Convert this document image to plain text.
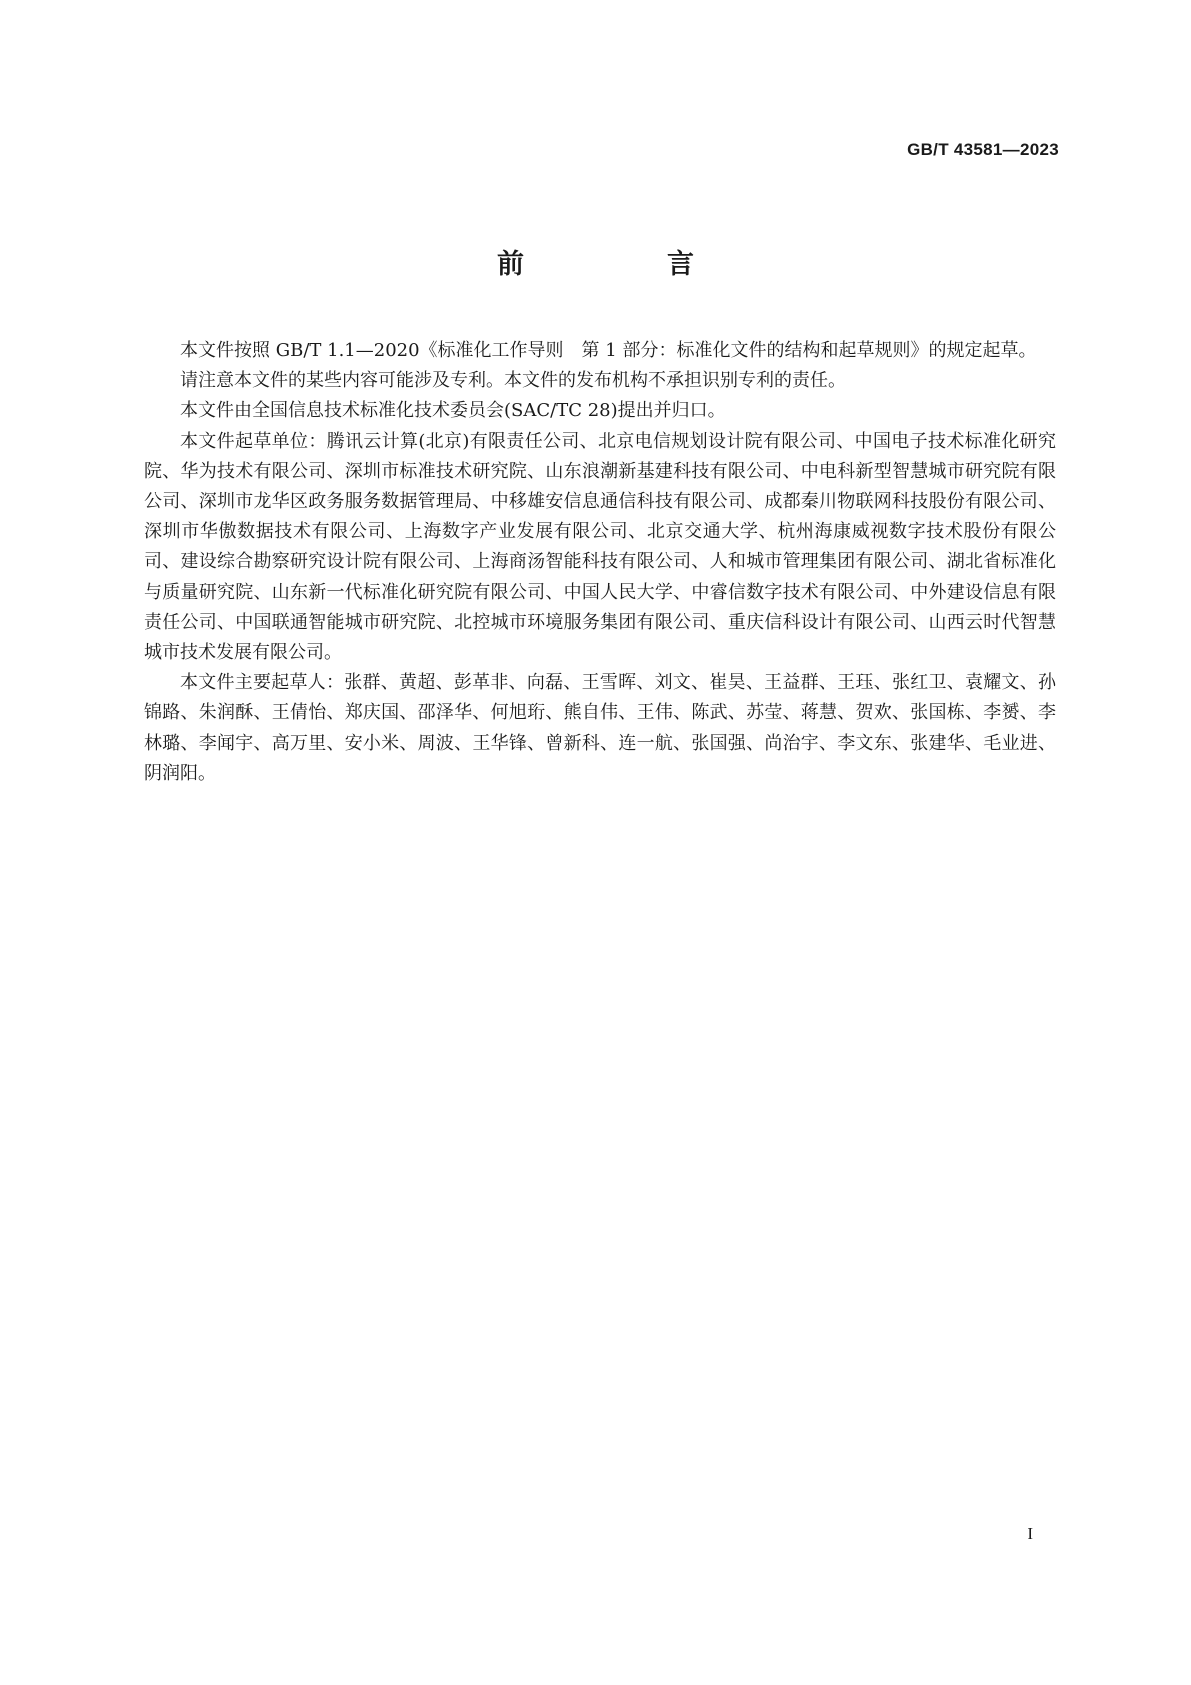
GB/T 43581—2023
前　言

本文件按照 GB/T 1.1—2020《标准化工作导则　第 1 部分：标准化文件的结构和起草规则》的规定起草。

请注意本文件的某些内容可能涉及专利。本文件的发布机构不承担识别专利的责任。

本文件由全国信息技术标准化技术委员会(SAC/TC 28)提出并归口。

本文件起草单位：腾讯云计算(北京)有限责任公司、北京电信规划设计院有限公司、中国电子技术标准化研究院、华为技术有限公司、深圳市标准技术研究院、山东浪潮新基建科技有限公司、中电科新型智慧城市研究院有限公司、深圳市龙华区政务服务数据管理局、中移雄安信息通信科技有限公司、成都秦川物联网科技股份有限公司、深圳市华傲数据技术有限公司、上海数字产业发展有限公司、北京交通大学、杭州海康威视数字技术股份有限公司、建设综合勘察研究设计院有限公司、上海商汤智能科技有限公司、人和城市管理集团有限公司、湖北省标准化与质量研究院、山东新一代标准化研究院有限公司、中国人民大学、中睿信数字技术有限公司、中外建设信息有限责任公司、中国联通智能城市研究院、北控城市环境服务集团有限公司、重庆信科设计有限公司、山西云时代智慧城市技术发展有限公司。

本文件主要起草人：张群、黄超、彭革非、向磊、王雪晖、刘文、崔昊、王益群、王珏、张红卫、袁耀文、孙锦路、朱润酥、王倩怡、郑庆国、邵泽华、何旭珩、熊自伟、王伟、陈武、苏莹、蒋慧、贺欢、张国栋、李赟、李林璐、李闻宇、高万里、安小米、周波、王华锋、曾新科、连一航、张国强、尚治宇、李文东、张建华、毛业进、阴润阳。

I
